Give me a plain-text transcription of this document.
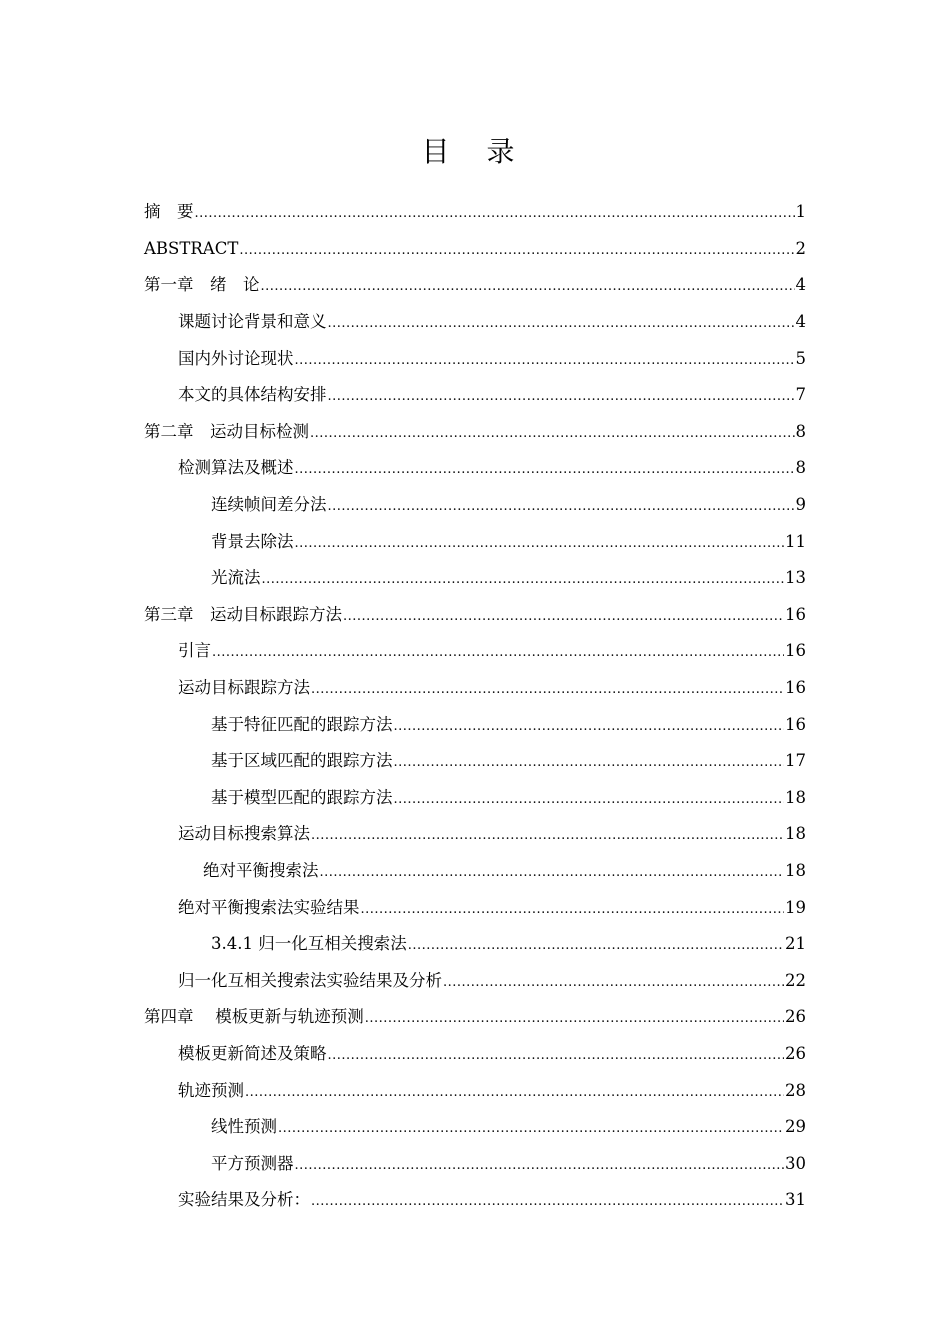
目 录
摘　要 .....	1
ABSTRACT .....	2
第一章　绪　论 .....	4
课题讨论背景和意义 .....	4
国内外讨论现状 .....	5
本文的具体结构安排 .....	7
第二章　运动目标检测 .....	8
检测算法及概述 .....	8
连续帧间差分法 .....	9
背景去除法 .....	11
光流法 .....	13
第三章　运动目标跟踪方法 .....	16
引言 .....	16
运动目标跟踪方法 .....	16
基于特征匹配的跟踪方法 .....	16
基于区域匹配的跟踪方法 .....	17
基于模型匹配的跟踪方法 .....	18
运动目标搜索算法 .....	18
绝对平衡搜索法 .....	18
绝对平衡搜索法实验结果 .....	19
3.4.1 归一化互相关搜索法 .....	21
归一化互相关搜索法实验结果及分析 .....	22
第四章　 模板更新与轨迹预测 .....	26
模板更新简述及策略 .....	26
轨迹预测 .....	28
线性预测 .....	29
平方预测器 .....	30
实验结果及分析： .....	31
